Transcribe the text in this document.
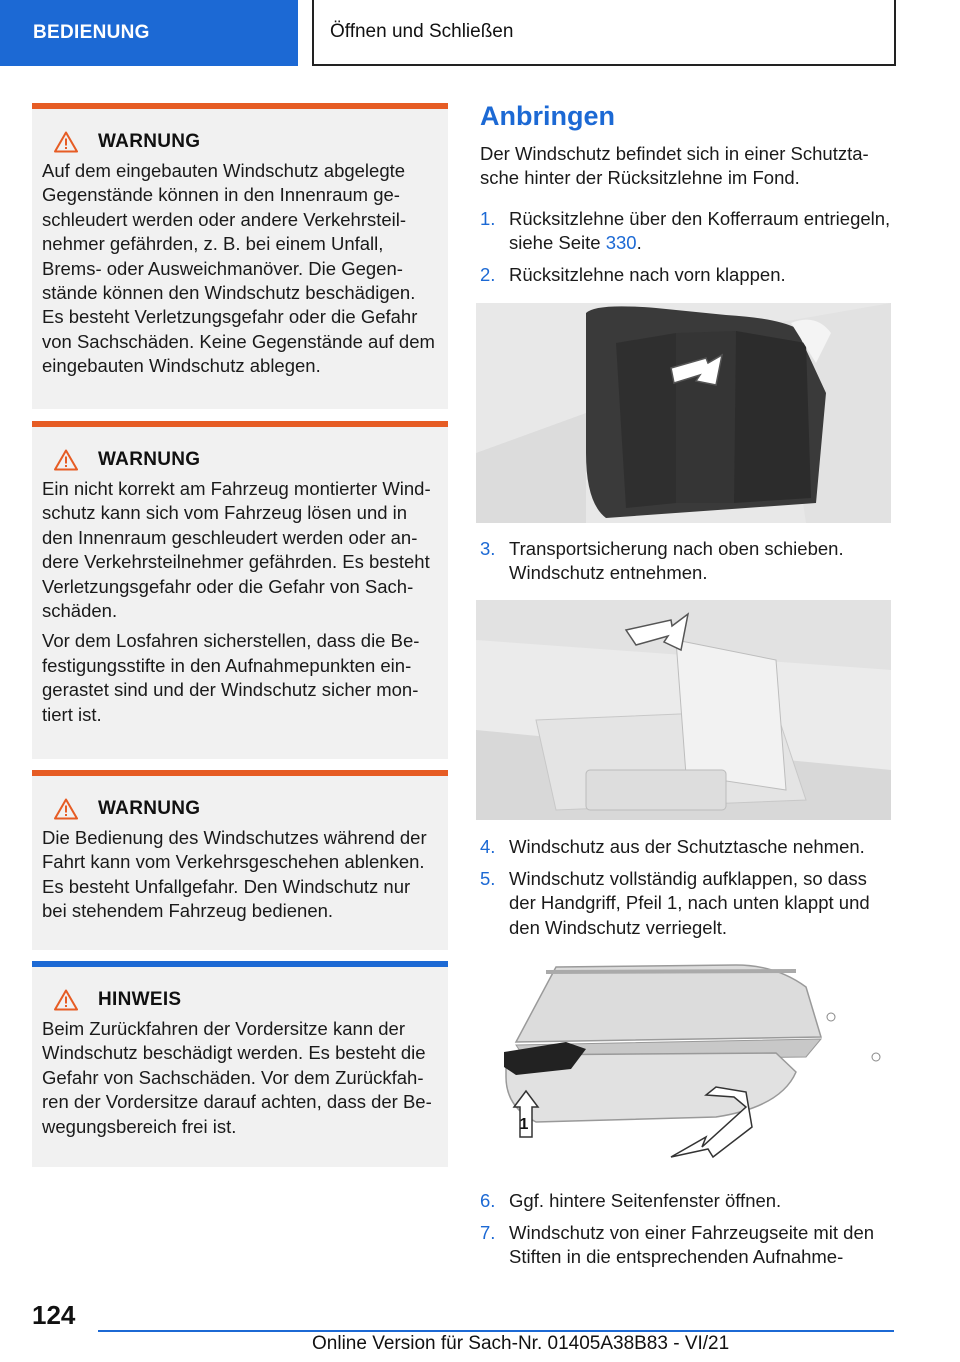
BEDIENUNG	Öffnen und Schließen
WARNUNG

Auf dem eingebauten Windschutz abgelegte Gegenstände können in den Innenraum geschleudert werden oder andere Verkehrsteilnehmer gefährden, z. B. bei einem Unfall, Brems- oder Ausweichmanöver. Die Gegenstände können den Windschutz beschädigen. Es besteht Verletzungsgefahr oder die Gefahr von Sachschäden. Keine Gegenstände auf dem eingebauten Windschutz ablegen.

WARNUNG

Ein nicht korrekt am Fahrzeug montierter Windschutz kann sich vom Fahrzeug lösen und in den Innenraum geschleudert werden oder andere Verkehrsteilnehmer gefährden. Es besteht Verletzungsgefahr oder die Gefahr von Sachschäden.

Vor dem Losfahren sicherstellen, dass die Befestigungsstifte in den Aufnahmepunkten eingerastet sind und der Windschutz sicher montiert ist.

WARNUNG

Die Bedienung des Windschutzes während der Fahrt kann vom Verkehrsgeschehen ablenken. Es besteht Unfallgefahr. Den Windschutz nur bei stehendem Fahrzeug bedienen.

HINWEIS

Beim Zurückfahren der Vordersitze kann der Windschutz beschädigt werden. Es besteht die Gefahr von Sachschäden. Vor dem Zurückfahren der Vordersitze darauf achten, dass der Bewegungsbereich frei ist.

Anbringen

Der Windschutz befindet sich in einer Schutztasche hinter der Rücksitzlehne im Fond.

1. Rücksitzlehne über den Kofferraum entriegeln, siehe Seite 330.
2. Rücksitzlehne nach vorn klappen.
3. Transportsicherung nach oben schieben. Windschutz entnehmen.
4. Windschutz aus der Schutztasche nehmen.
5. Windschutz vollständig aufklappen, so dass der Handgriff, Pfeil 1, nach unten klappt und den Windschutz verriegelt.
1
6. Ggf. hintere Seitenfenster öffnen.
7. Windschutz von einer Fahrzeugseite mit den Stiften in die entsprechenden Aufnahme-
124
Online Version für Sach-Nr. 01405A38B83 - VI/21
